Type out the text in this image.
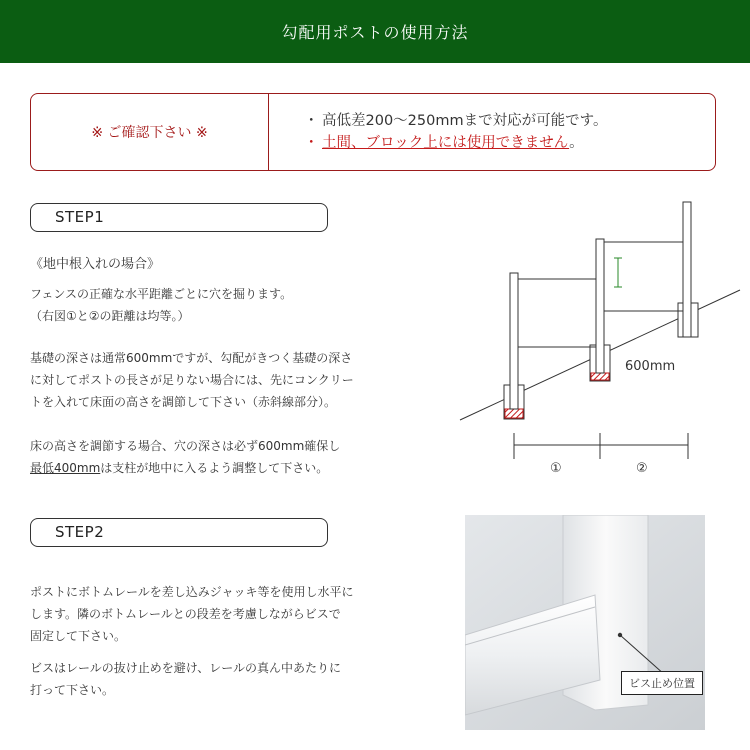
勾配用ポストの使用方法
※ ご確認下さい ※
・ 高低差200〜250mmまで対応が可能です。
・ 土間、ブロック上には使用できません。
STEP1
《地中根入れの場合》
フェンスの正確な水平距離ごとに穴を掘ります。
（右図①と②の距離は均等。）
基礎の深さは通常600mmですが、勾配がきつく基礎の深さ
に対してポストの長さが足りない場合には、先にコンクリー
トを入れて床面の高さを調節して下さい（赤斜線部分）。
床の高さを調節する場合、穴の深さは必ず600mm確保し
最低400mmは支柱が地中に入るよう調整して下さい。
600mm
①	②
STEP2
ポストにボトムレールを差し込みジャッキ等を使用し水平に
します。隣のボトムレールとの段差を考慮しながらビスで
固定して下さい。
ビスはレールの抜け止めを避け、レールの真ん中あたりに
打って下さい。	ビス止め位置
